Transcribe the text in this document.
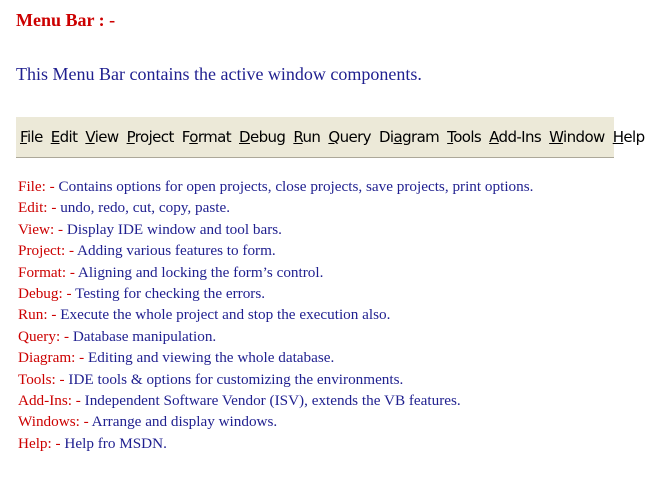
Menu Bar : -

This Menu Bar contains the active window components.

File Edit View Project Format Debug Run Query Diagram Tools Add-Ins Window Help
File: - Contains options for open projects, close projects, save projects, print options.
Edit: - undo, redo, cut, copy, paste.
View: - Display IDE window and tool bars.
Project: - Adding various features to form.
Format: - Aligning and locking the form’s control.
Debug: - Testing for checking the errors.
Run: - Execute the whole project and stop the execution also.
Query: - Database manipulation.
Diagram: - Editing and viewing the whole database.
Tools: - IDE tools & options for customizing the environments.
Add-Ins: - Independent Software Vendor (ISV), extends the VB features.
Windows: - Arrange and display windows.
Help: - Help fro MSDN.
